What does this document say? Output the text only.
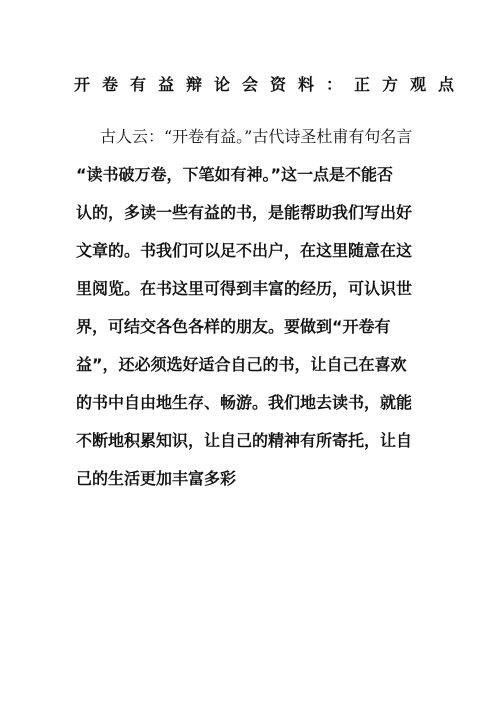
开卷有益辩论会资料：正方观点
古人云：“开卷有益。”古代诗圣杜甫有句名言
“读书破万卷，下笔如有神。”这一点是不能否
认的，多读一些有益的书，是能帮助我们写出好
文章的。书我们可以足不出户，在这里随意在这
里阅览。在书这里可得到丰富的经历，可认识世
界，可结交各色各样的朋友。要做到“开卷有
益”，还必须选好适合自己的书，让自己在喜欢
的书中自由地生存、畅游。我们地去读书，就能
不断地积累知识，让自己的精神有所寄托，让自
己的生活更加丰富多彩
